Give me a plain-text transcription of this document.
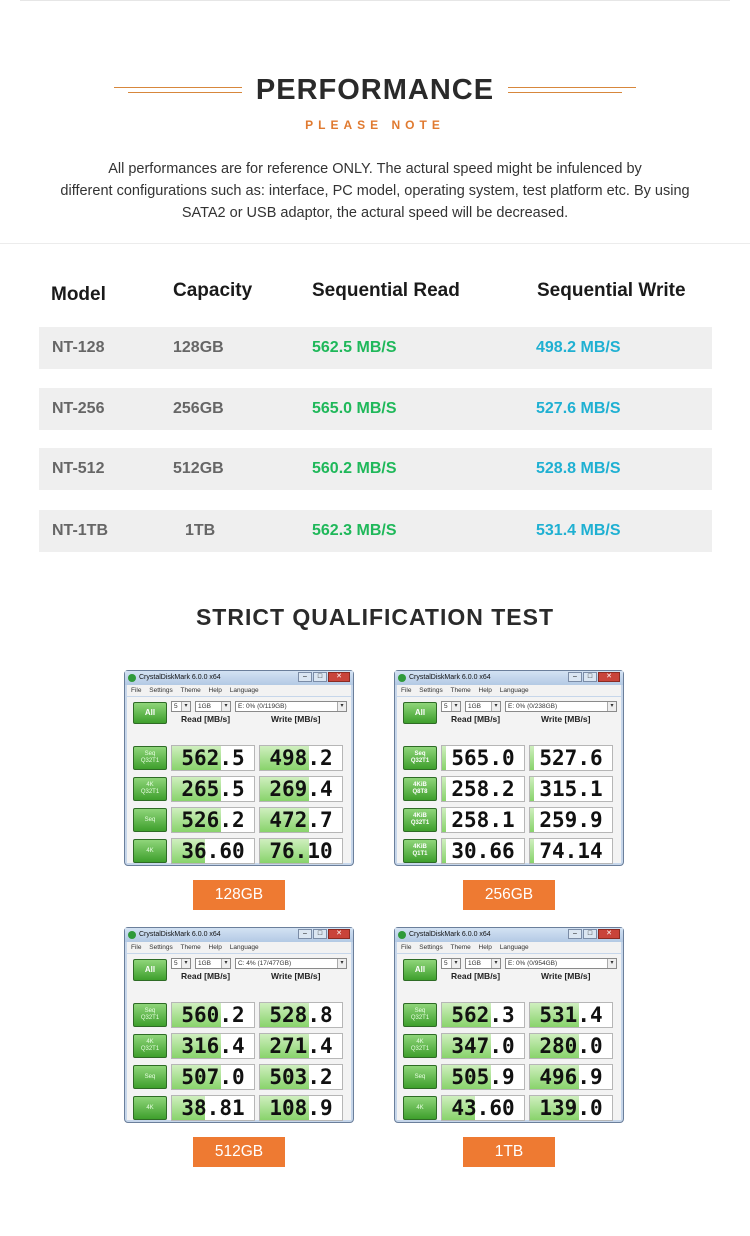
PERFORMANCE
PLEASE NOTE
All performances are for reference ONLY. The actural speed might be infulenced by
different configurations such as: interface, PC model, operating system, test platform etc. By using
SATA2 or USB adaptor, the actural speed will be decreased.
Model	Capacity	Sequential Read	Sequential Write
NT-128	128GB	562.5 MB/S	498.2 MB/S
NT-256	256GB	565.0 MB/S	527.6 MB/S
NT-512	512GB	560.2 MB/S	528.8 MB/S
NT-1TB	1TB	562.3 MB/S	531.4 MB/S
STRICT QUALIFICATION TEST
CrystalDiskMark 6.0.0 x64	–	□	✕
File Settings Theme Help Language
All
5	▾	1GB	▾	E: 0% (0/119GB)	▾
Read [MB/s]	Write [MB/s]
Seq
Q32T1	562.5	498.2
4K
Q32T1	265.5	269.4
Seq	526.2	472.7
4K	36.60	76.10
128GB
CrystalDiskMark 6.0.0 x64	–	□	✕
File Settings Theme Help Language
All
5	▾	1GB	▾	E: 0% (0/238GB)	▾
Read [MB/s]	Write [MB/s]
Seq
Q32T1	565.0	527.6
4KiB
Q8T8	258.2	315.1
4KiB
Q32T1	258.1	259.9
4KiB
Q1T1	30.66	74.14
256GB
CrystalDiskMark 6.0.0 x64	–	□	✕
File Settings Theme Help Language
All
5	▾	1GB	▾	C: 4% (17/477GB)	▾
Read [MB/s]	Write [MB/s]
Seq
Q32T1	560.2	528.8
4K
Q32T1	316.4	271.4
Seq	507.0	503.2
4K	38.81	108.9
512GB
CrystalDiskMark 6.0.0 x64	–	□	✕
File Settings Theme Help Language
All
5	▾	1GB	▾	E: 0% (0/954GB)	▾
Read [MB/s]	Write [MB/s]
Seq
Q32T1	562.3	531.4
4K
Q32T1	347.0	280.0
Seq	505.9	496.9
4K	43.60	139.0
1TB
